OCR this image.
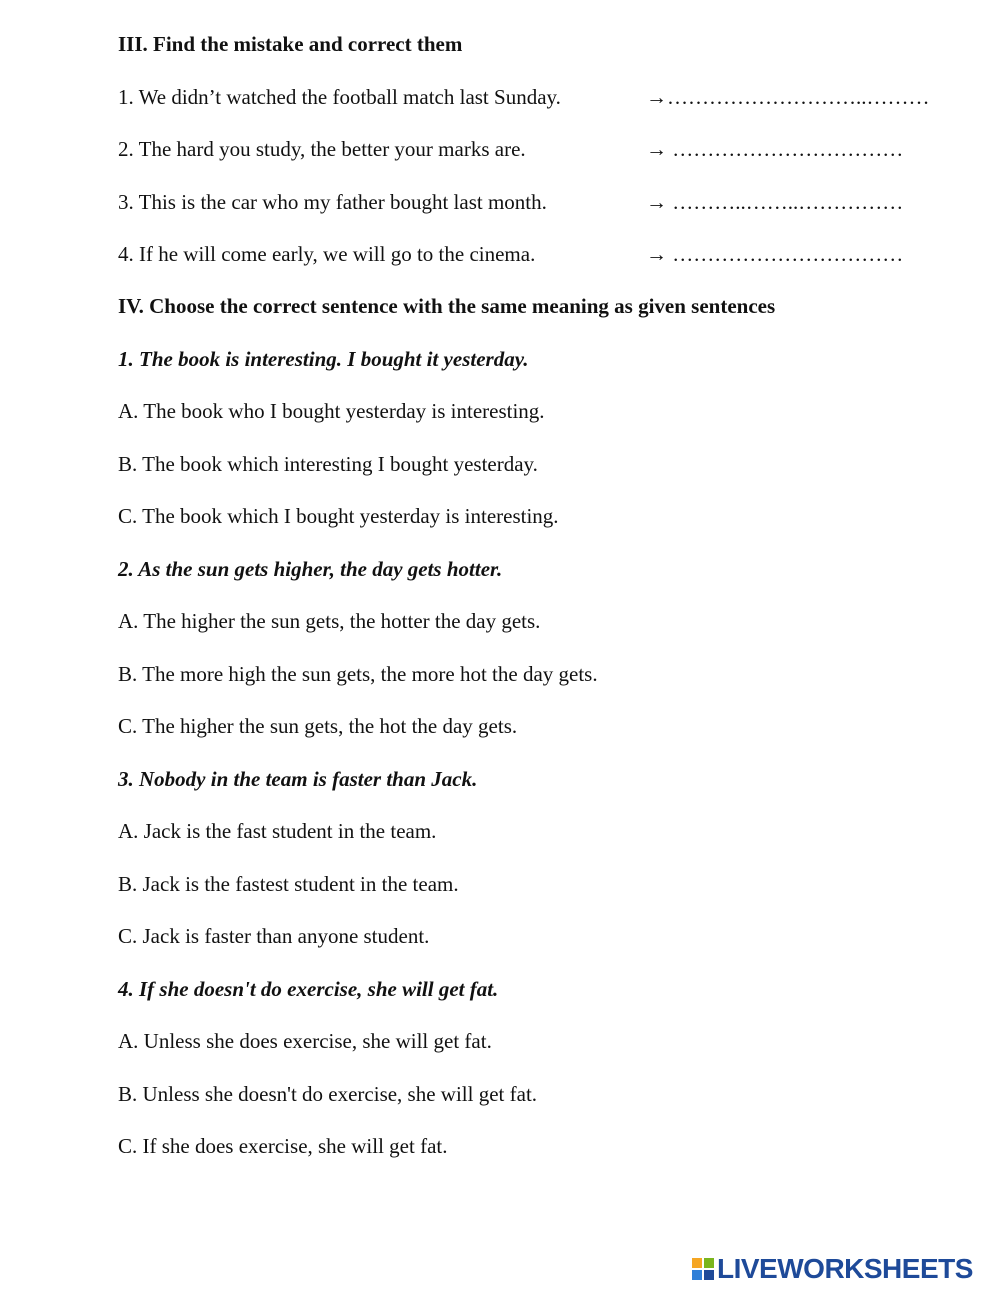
III. Find the mistake and correct them
1. We didn’t watched the football match last Sunday.	→………………………..………
2. The hard you study, the better your marks are.	→ ……………………………
3. This is the car who my father bought last month.	→ ………..……..……………
4. If he will come early, we will go to the cinema.	→ ……………………………
IV. Choose the correct sentence with the same meaning as given sentences
1. The book is interesting. I bought it yesterday.
A. The book who I bought yesterday is interesting.
B. The book which interesting I bought yesterday.
C. The book which I bought yesterday is interesting.
2. As the sun gets higher, the day gets hotter.
A. The higher the sun gets, the hotter the day gets.
B. The more high the sun gets, the more hot the day gets.
C. The higher the sun gets, the hot the day gets.
3. Nobody in the team is faster than Jack.
A. Jack is the fast student in the team.
B. Jack is the fastest student in the team.
C. Jack is faster than anyone student.
4. If she doesn't do exercise, she will get fat.
A. Unless she does exercise, she will get fat.
B. Unless she doesn't do exercise, she will get fat.
C. If she does exercise, she will get fat.
LIVEWORKSHEETS
